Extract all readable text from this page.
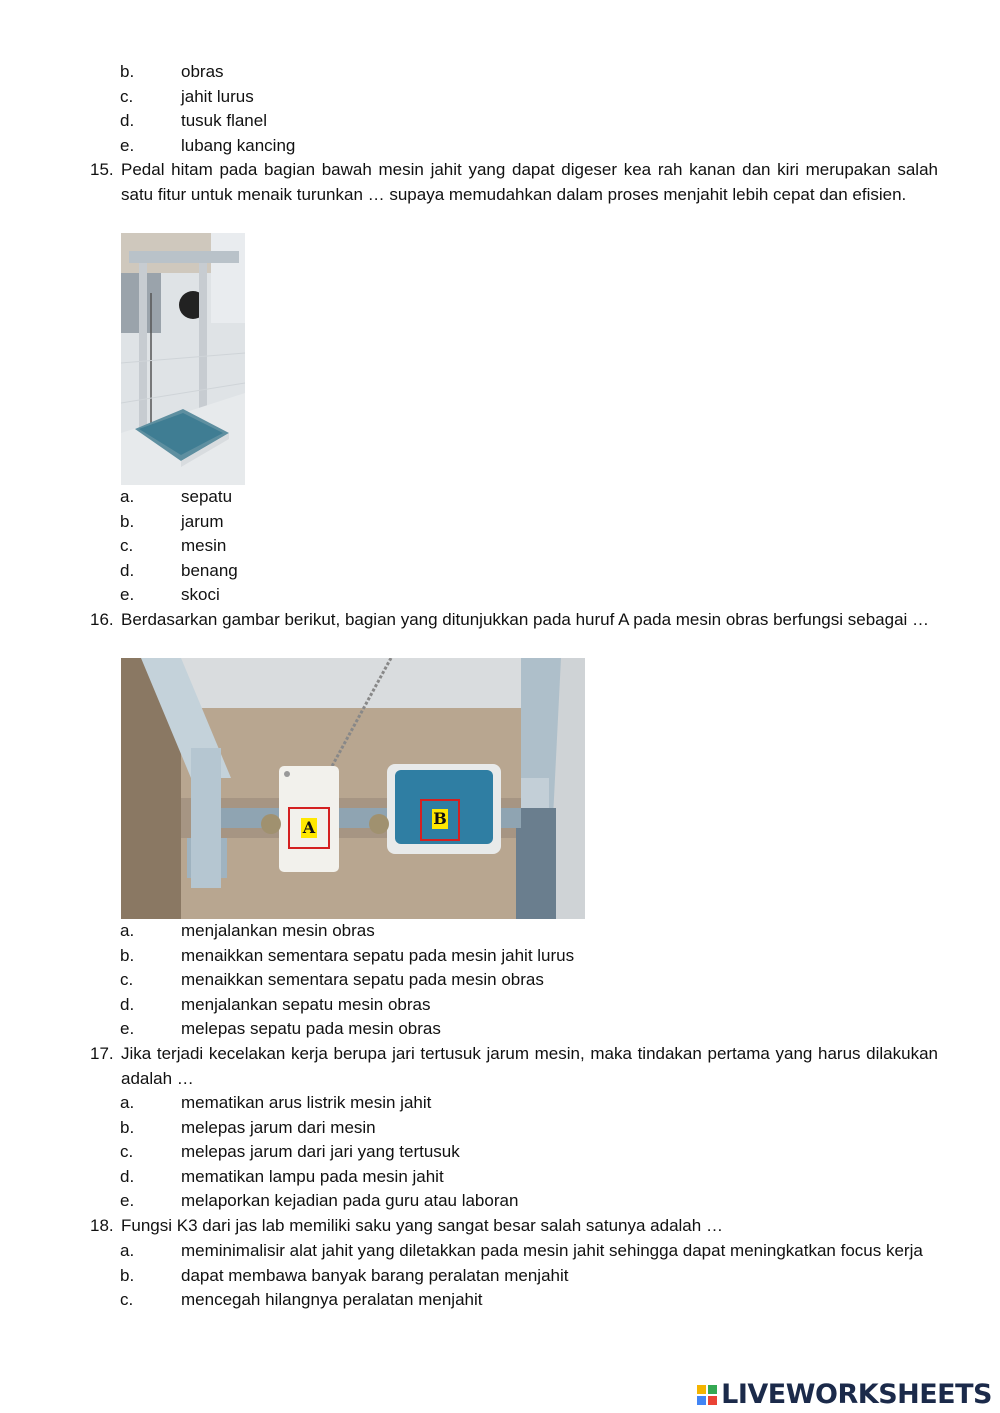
b.	obras
c.	jahit lurus
d.	tusuk flanel
e.	lubang kancing
15. Pedal hitam pada bagian bawah mesin jahit yang dapat digeser kea rah kanan dan kiri merupakan salah satu fitur untuk menaik turunkan … supaya memudahkan dalam proses menjahit lebih cepat dan efisien.
a.	sepatu
b.	jarum
c.	mesin
d.	benang
e.	skoci
16. Berdasarkan gambar berikut, bagian yang ditunjukkan pada huruf A pada mesin obras berfungsi sebagai …
A	B
a.	menjalankan mesin obras
b.	menaikkan sementara sepatu pada mesin jahit lurus
c.	menaikkan sementara sepatu pada mesin obras
d.	menjalankan sepatu mesin obras
e.	melepas sepatu pada mesin obras
17. Jika terjadi kecelakan kerja berupa jari tertusuk jarum mesin, maka tindakan pertama yang harus dilakukan adalah …
a.	mematikan arus listrik mesin jahit
b.	melepas jarum dari mesin
c.	melepas jarum dari jari yang tertusuk
d.	mematikan lampu pada mesin jahit
e.	melaporkan kejadian pada guru atau laboran
18. Fungsi K3 dari jas lab memiliki saku yang sangat besar salah satunya adalah …
a.	meminimalisir alat jahit yang diletakkan pada mesin jahit sehingga dapat meningkatkan focus kerja
b.	dapat membawa banyak barang peralatan menjahit
c.	mencegah hilangnya peralatan menjahit
LIVEWORKSHEETS
